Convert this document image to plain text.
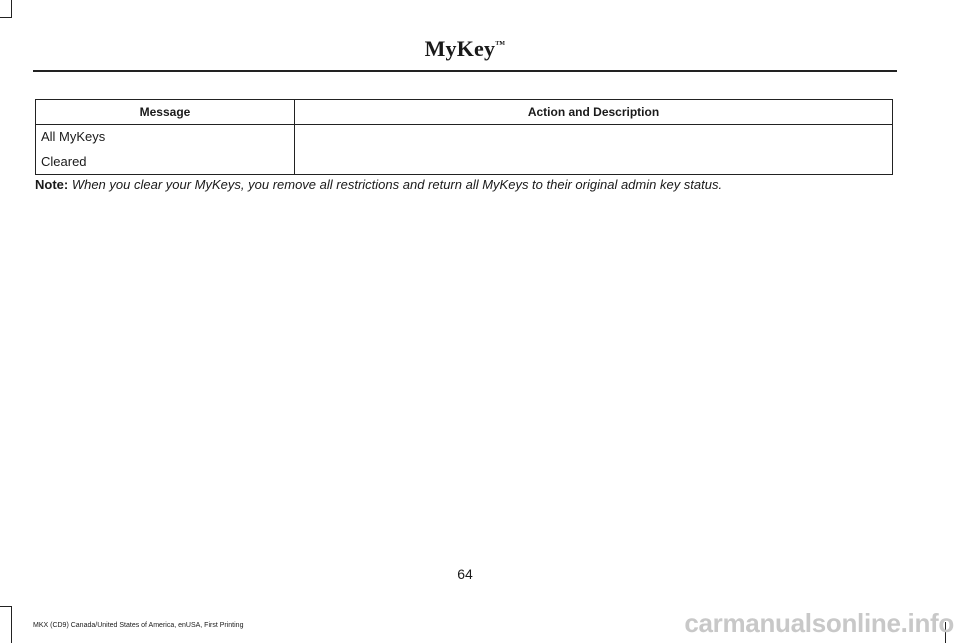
MyKey™
Message	Action and Description

All MyKeys
Cleared	

Note: When you clear your MyKeys, you remove all restrictions and return all MyKeys to their original admin key status.
64
MKX (CD9) Canada/United States of America, enUSA, First Printing	carmanualsonline.info
